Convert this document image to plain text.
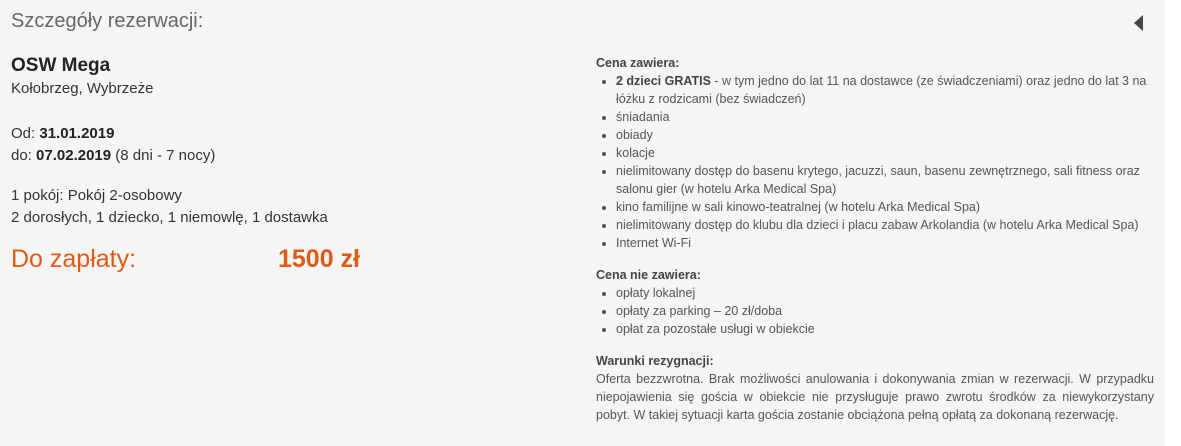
Szczegóły rezerwacji:
OSW Mega
Kołobrzeg, Wybrzeże
Od: 31.01.2019
do: 07.02.2019 (8 dni - 7 nocy)
1 pokój: Pokój 2-osobowy
2 dorosłych, 1 dziecko, 1 niemowlę, 1 dostawka
Do zapłaty:	1500 zł
Cena zawiera:
• 2 dzieci GRATIS - w tym jedno do lat 11 na dostawce (ze świadczeniami) oraz jedno do lat 3 na łóżku z rodzicami (bez świadczeń)
• śniadania
• obiady
• kolacje
• nielimitowany dostęp do basenu krytego, jacuzzi, saun, basenu zewnętrznego, sali fitness oraz salonu gier (w hotelu Arka Medical Spa)
• kino familijne w sali kinowo-teatralnej (w hotelu Arka Medical Spa)
• nielimitowany dostęp do klubu dla dzieci i placu zabaw Arkolandia (w hotelu Arka Medical Spa)
• Internet Wi-Fi
Cena nie zawiera:
• opłaty lokalnej
• opłaty za parking – 20 zł/doba
• opłat za pozostałe usługi w obiekcie
Warunki rezygnacji:
Oferta bezzwrotna. Brak możliwości anulowania i dokonywania zmian w rezerwacji. W przypadku niepojawienia się gościa w obiekcie nie przysługuje prawo zwrotu środków za niewykorzystany pobyt. W takiej sytuacji karta gościa zostanie obciążona pełną opłatą za dokonaną rezerwację.
